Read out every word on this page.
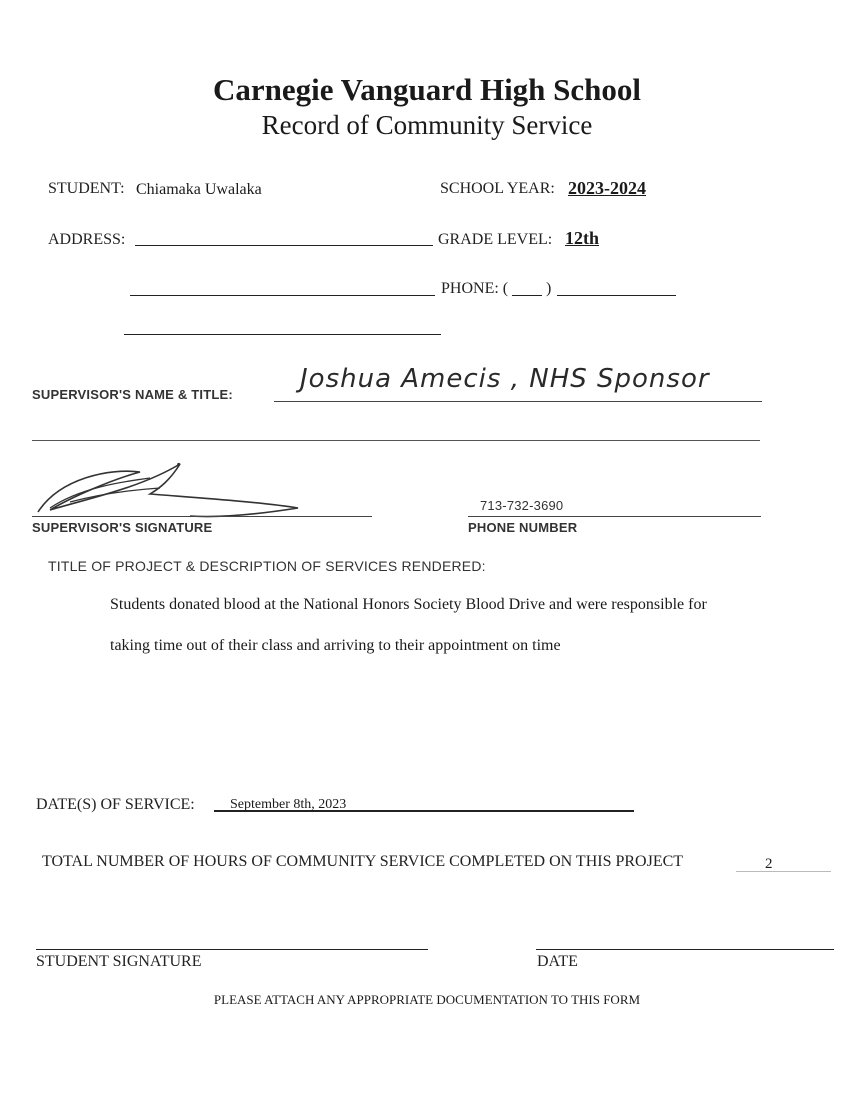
Carnegie Vanguard High School
Record of Community Service
STUDENT: Chiamaka Uwalaka	SCHOOL YEAR: 2023-2024
ADDRESS:	GRADE LEVEL: 12th
PHONE: ( )
SUPERVISOR'S NAME & TITLE:
Joshua Amecis , NHS Sponsor
SUPERVISOR'S SIGNATURE
713-732-3690
PHONE NUMBER
TITLE OF PROJECT & DESCRIPTION OF SERVICES RENDERED:
Students donated blood at the National Honors Society Blood Drive and were responsible for
taking time out of their class and arriving to their appointment on time
DATE(S) OF SERVICE:	September 8th, 2023
TOTAL NUMBER OF HOURS OF COMMUNITY SERVICE COMPLETED ON THIS PROJECT	2
STUDENT SIGNATURE	DATE
PLEASE ATTACH ANY APPROPRIATE DOCUMENTATION TO THIS FORM
